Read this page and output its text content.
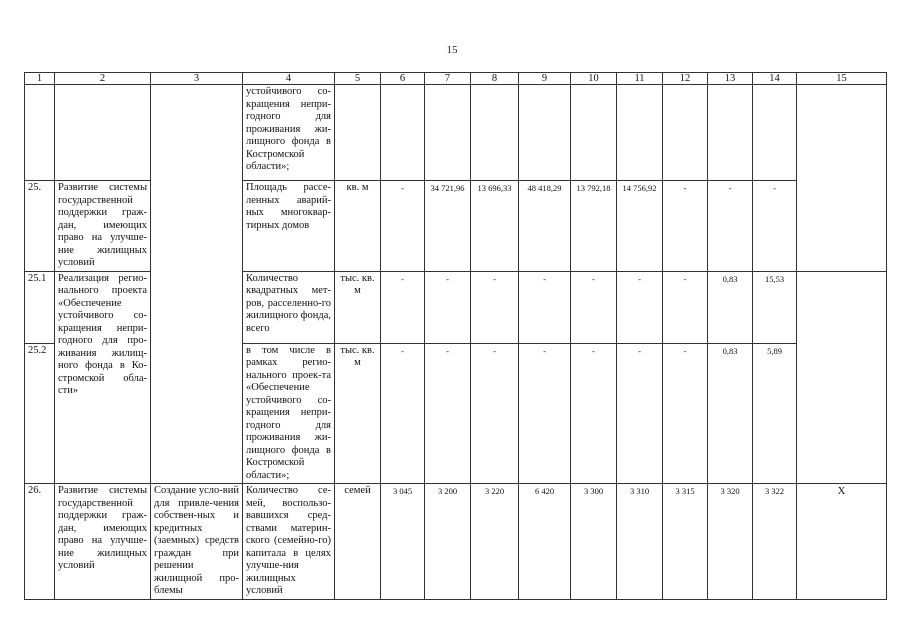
15
1	2	3	4	5	6	7	8	9	10	11	12	13	14	15
			устойчивого со-кращения непри-годного для проживания жи-лищного фонда в Костромской области»;											
25.	Развитие системы государственной поддержки граж-дан, имеющих право на улучше-ние жилищных условий		Площадь рассе-ленных аварий-ных многоквар-тирных домов	кв. м	-	34 721,96	13 696,33	48 418,29	13 792,18	14 756,92	-	-	-	
25.1	Реализация регио-нального проекта «Обеспечение устойчивого со-кращения непри-годного для про-живания жилищ-ного фонда в Ко-стромской обла-сти»		Количество квадратных мет-ров, расселенно-го жилищного фонда, всего	тыс. кв. м	-	-	-	-	-	-	-	0,83	15,53	
25.2			в том числе в рамках регио-нального проек-та «Обеспечение устойчивого со-кращения непри-годного для проживания жи-лищного фонда в Костромской области»;	тыс. кв. м	-	-	-	-	-	-	-	0,83	5,89	
26.	Развитие системы государственной поддержки граж-дан, имеющих право на улучше-ние жилищных условий	Создание усло-вий для привле-чения собствен-ных и кредитных (заемных) средств граждан при решении жилищной про-блемы	Количество се-мей, воспользо-вавшихся сред-ствами материн-ского (семейно-го) капитала в целях улучше-ния жилищных условий	семей	3 045	3 200	3 220	6 420	3 300	3 310	3 315	3 320	3 322	Х
